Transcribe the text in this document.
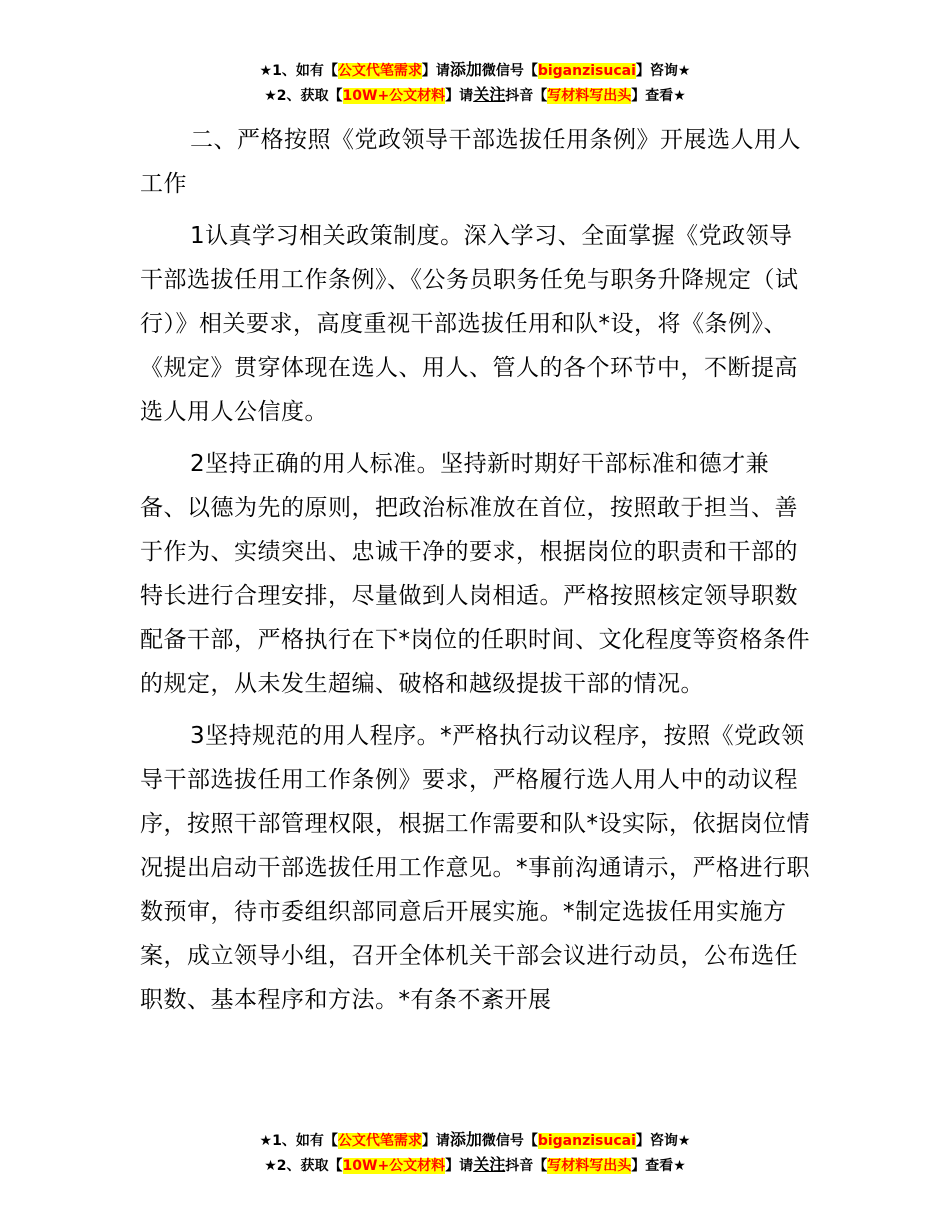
★1、如有【公文代笔需求】请添加微信号【biganzisucai】咨询★
★2、获取【10W+公文材料】请关注抖音【写材料写出头】查看★

二、严格按照《党政领导干部选拔任用条例》开展选人用人工作

1认真学习相关政策制度。深入学习、全面掌握《党政领导干部选拔任用工作条例》、《公务员职务任免与职务升降规定（试行）》相关要求，高度重视干部选拔任用和队*设，将《条例》、《规定》贯穿体现在选人、用人、管人的各个环节中，不断提高选人用人公信度。

2坚持正确的用人标准。坚持新时期好干部标准和德才兼备、以德为先的原则，把政治标准放在首位，按照敢于担当、善于作为、实绩突出、忠诚干净的要求，根据岗位的职责和干部的特长进行合理安排，尽量做到人岗相适。严格按照核定领导职数配备干部，严格执行在下*岗位的任职时间、文化程度等资格条件的规定，从未发生超编、破格和越级提拔干部的情况。

3坚持规范的用人程序。*严格执行动议程序，按照《党政领导干部选拔任用工作条例》要求，严格履行选人用人中的动议程序，按照干部管理权限，根据工作需要和队*设实际，依据岗位情况提出启动干部选拔任用工作意见。*事前沟通请示，严格进行职数预审，待市委组织部同意后开展实施。*制定选拔任用实施方案，成立领导小组，召开全体机关干部会议进行动员，公布选任职数、基本程序和方法。*有条不紊开展

★1、如有【公文代笔需求】请添加微信号【biganzisucai】咨询★
★2、获取【10W+公文材料】请关注抖音【写材料写出头】查看★
